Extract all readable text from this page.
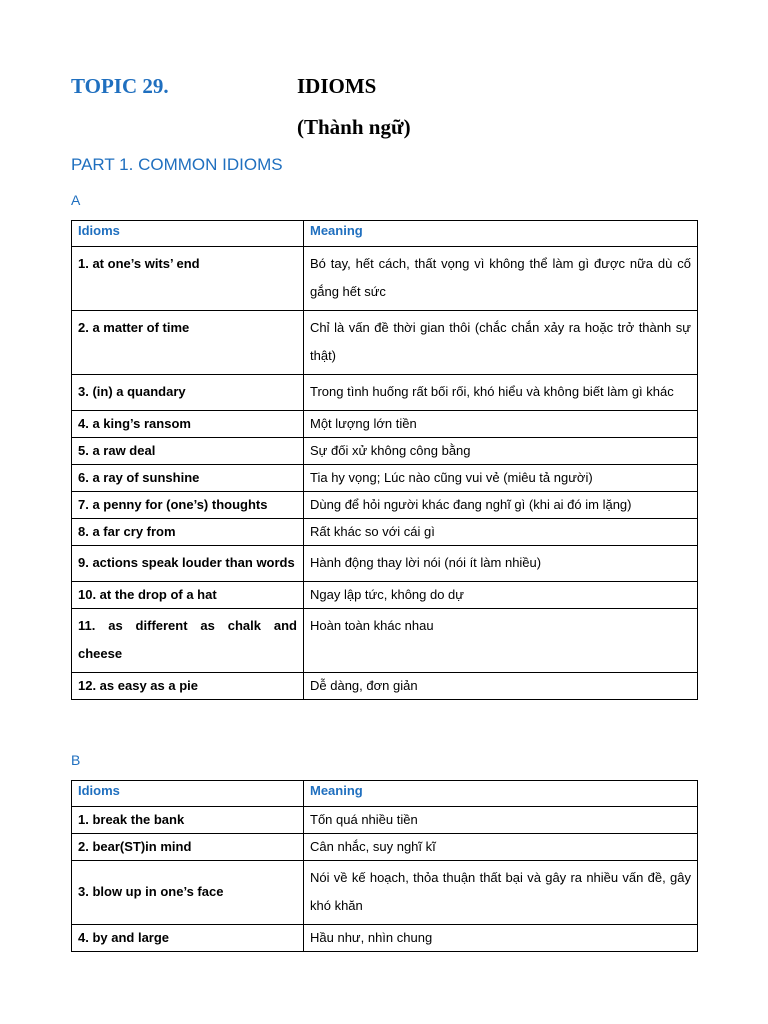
TOPIC 29.	IDIOMS
(Thành ngữ)
PART 1. COMMON IDIOMS
A
Idioms	Meaning
1. at one’s wits’ end	Bó tay, hết cách, thất vọng vì không thể làm gì được nữa dù cố gắng hết sức
2. a matter of time	Chỉ là vấn đề thời gian thôi (chắc chắn xảy ra hoặc trở thành sự thật)
3. (in) a quandary	Trong tình huống rất bối rối, khó hiểu và không biết làm gì khác
4. a king’s ransom	Một lượng lớn tiền
5. a raw deal	Sự đối xử không công bằng
6. a ray of sunshine	Tia hy vọng; Lúc nào cũng vui vẻ (miêu tả người)
7. a penny for (one’s) thoughts	Dùng để hỏi người khác đang nghĩ gì (khi ai đó im lặng)
8. a far cry from	Rất khác so với cái gì
9. actions speak louder than words	Hành động thay lời nói (nói ít làm nhiều)
10. at the drop of a hat	Ngay lập tức, không do dự
11. as different as chalk and cheese	Hoàn toàn khác nhau
12. as easy as a pie	Dễ dàng, đơn giản
B
Idioms	Meaning
1. break the bank	Tốn quá nhiều tiền
2. bear(ST)in mind	Cân nhắc, suy nghĩ kĩ
3. blow up in one’s face	Nói về kế hoạch, thỏa thuận thất bại và gây ra nhiều vấn đề, gây khó khăn
4. by and large	Hầu như, nhìn chung
